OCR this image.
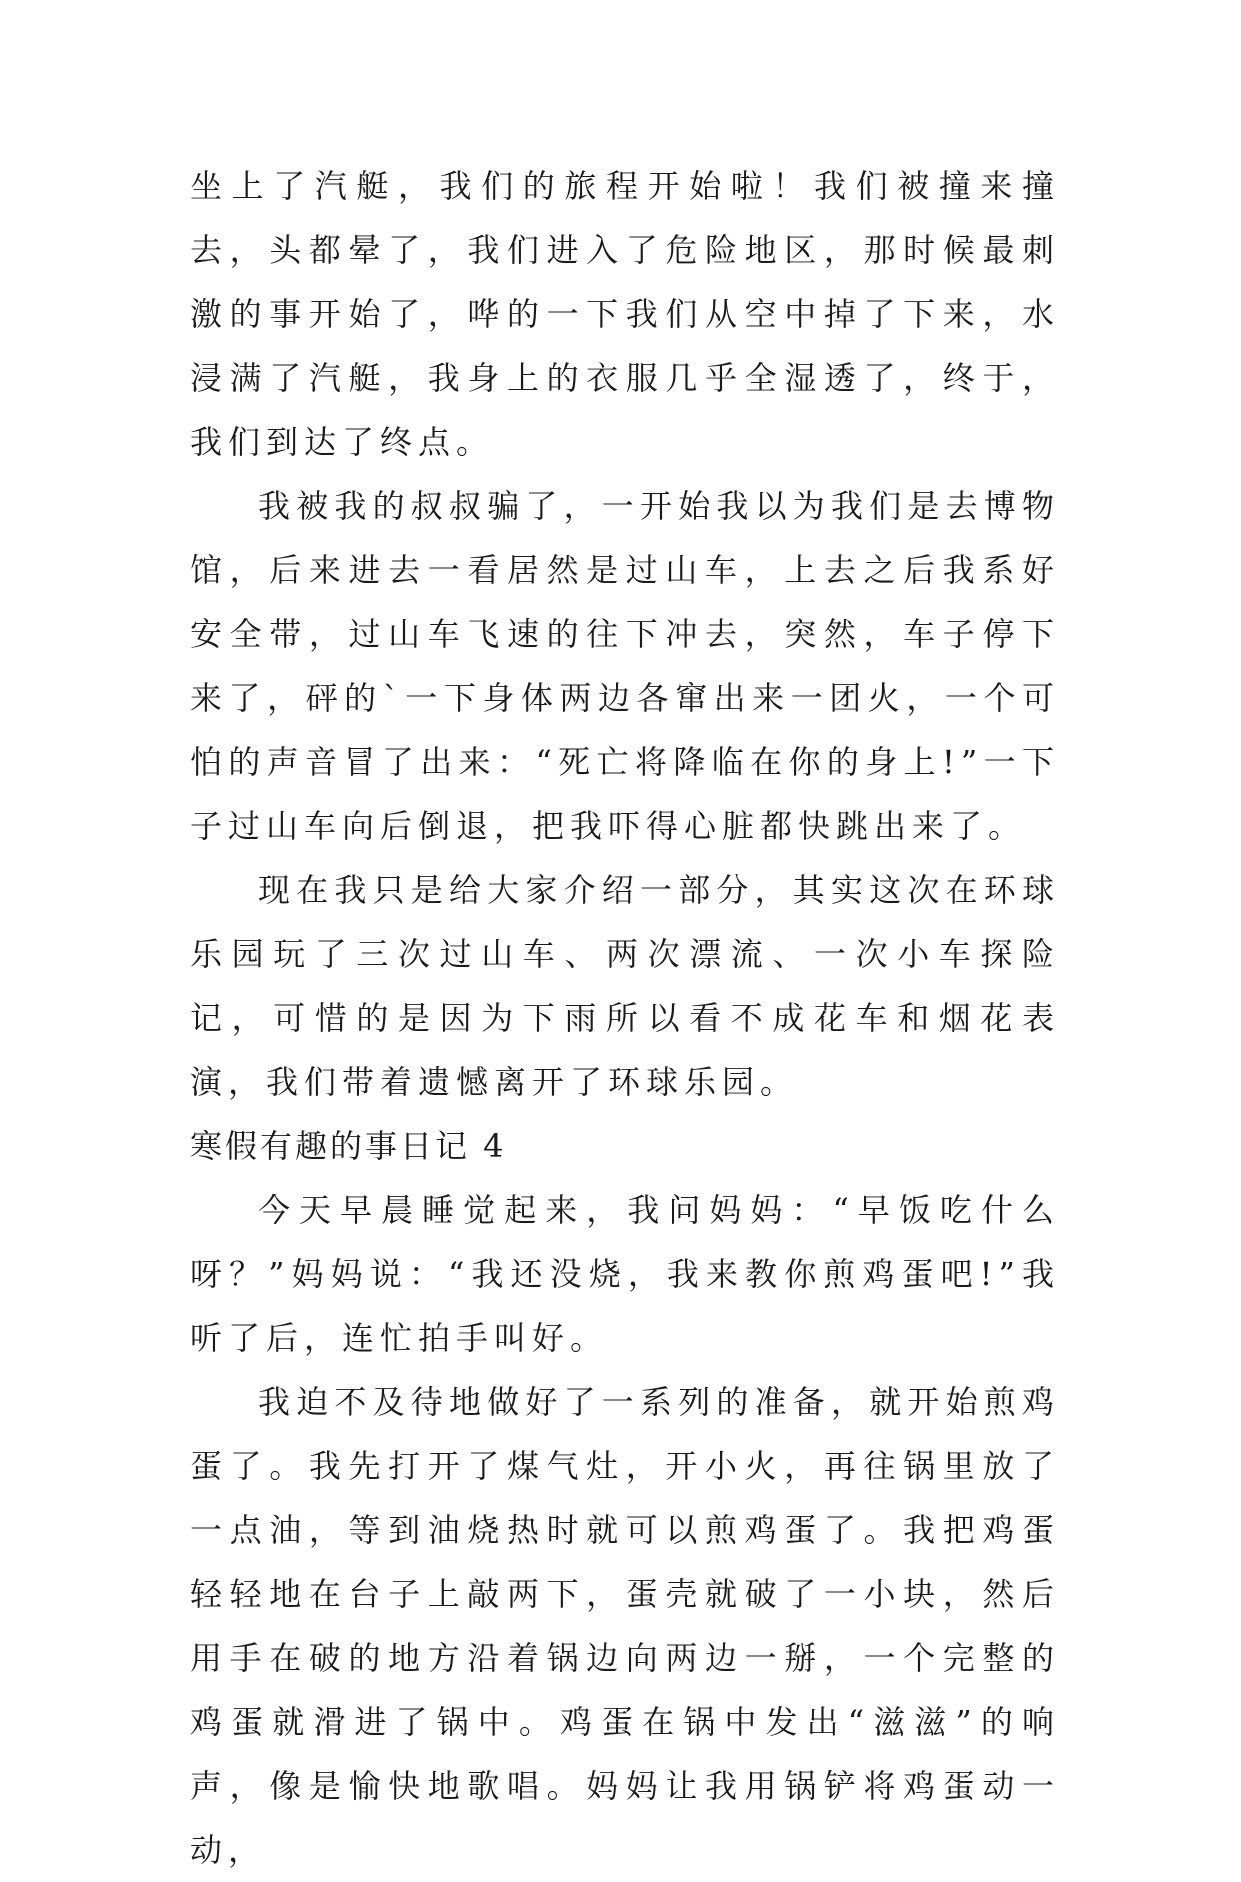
坐上了汽艇，我们的旅程开始啦！我们被撞来撞去，头都晕了，我们进入了危险地区，那时候最刺激的事开始了，哗的一下我们从空中掉了下来，水浸满了汽艇，我身上的衣服几乎全湿透了，终于，我们到达了终点。

我被我的叔叔骗了，一开始我以为我们是去博物馆，后来进去一看居然是过山车，上去之后我系好安全带，过山车飞速的往下冲去，突然，车子停下来了，砰的`一下身体两边各窜出来一团火，一个可怕的声音冒了出来：“死亡将降临在你的身上!”一下子过山车向后倒退，把我吓得心脏都快跳出来了。

现在我只是给大家介绍一部分，其实这次在环球乐园玩了三次过山车、两次漂流、一次小车探险记，可惜的是因为下雨所以看不成花车和烟花表演，我们带着遗憾离开了环球乐园。

寒假有趣的事日记 4

今天早晨睡觉起来，我问妈妈：“早饭吃什么呀？”妈妈说：“我还没烧，我来教你煎鸡蛋吧!”我听了后，连忙拍手叫好。

我迫不及待地做好了一系列的准备，就开始煎鸡蛋了。我先打开了煤气灶，开小火，再往锅里放了一点油，等到油烧热时就可以煎鸡蛋了。我把鸡蛋轻轻地在台子上敲两下，蛋壳就破了一小块，然后用手在破的地方沿着锅边向两边一掰，一个完整的鸡蛋就滑进了锅中。鸡蛋在锅中发出“滋滋”的响声，像是愉快地歌唱。妈妈让我用锅铲将鸡蛋动一动，
